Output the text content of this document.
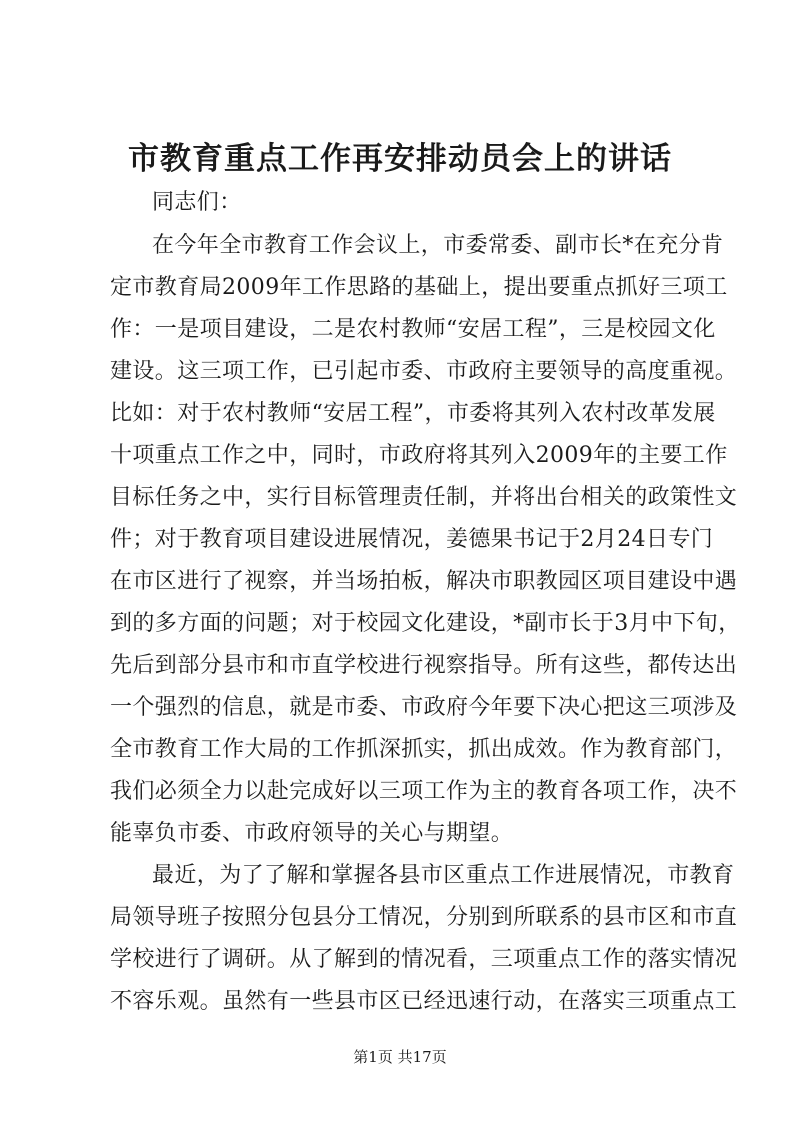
市教育重点工作再安排动员会上的讲话
同志们：
在今年全市教育工作会议上，市委常委、副市长*在充分肯
定市教育局2009年工作思路的基础上，提出要重点抓好三项工
作：一是项目建设，二是农村教师“安居工程”，三是校园文化
建设。这三项工作，已引起市委、市政府主要领导的高度重视。
比如：对于农村教师“安居工程”，市委将其列入农村改革发展
十项重点工作之中，同时，市政府将其列入2009年的主要工作
目标任务之中，实行目标管理责任制，并将出台相关的政策性文
件；对于教育项目建设进展情况，姜德果书记于2月24日专门
在市区进行了视察，并当场拍板，解决市职教园区项目建设中遇
到的多方面的问题；对于校园文化建设，*副市长于3月中下旬，
先后到部分县市和市直学校进行视察指导。所有这些，都传达出
一个强烈的信息，就是市委、市政府今年要下决心把这三项涉及
全市教育工作大局的工作抓深抓实，抓出成效。作为教育部门，
我们必须全力以赴完成好以三项工作为主的教育各项工作，决不
能辜负市委、市政府领导的关心与期望。
最近，为了了解和掌握各县市区重点工作进展情况，市教育
局领导班子按照分包县分工情况，分别到所联系的县市区和市直
学校进行了调研。从了解到的情况看，三项重点工作的落实情况
不容乐观。虽然有一些县市区已经迅速行动，在落实三项重点工
第1页 共17页
